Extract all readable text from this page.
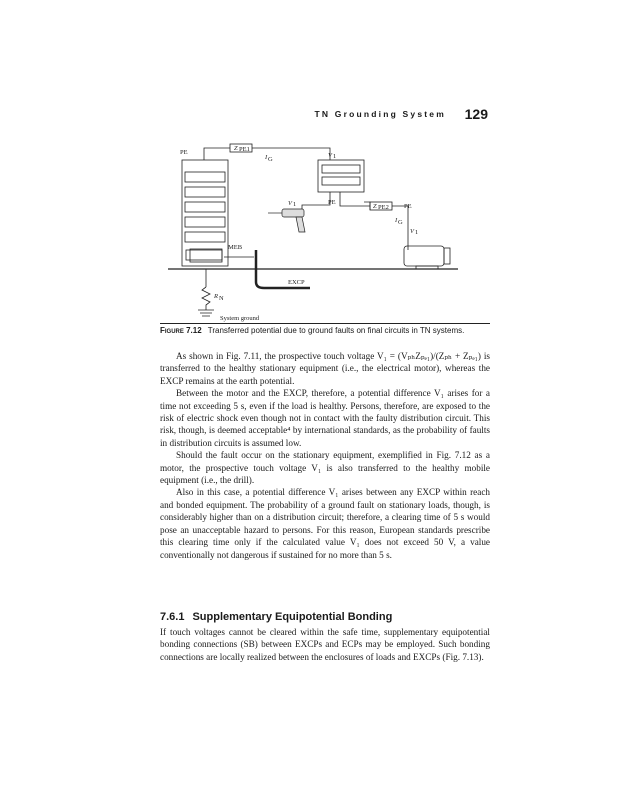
TN Grounding System 129
PE
Z PE1
I G
V 1
V 1	PE
Z PE2 PE
I G
V 1
MEB
EXCP
R N
System ground
Figure 7.12 Transferred potential due to ground faults on final circuits in TN systems.

As shown in Fig. 7.11, the prospective touch voltage V₁ = (VₚₕZₚₑ₁)/(Zₚₕ + Zₚₑ₁) is transferred to the healthy stationary equipment (i.e., the electrical motor), whereas the EXCP remains at the earth potential.

Between the motor and the EXCP, therefore, a potential difference V₁ arises for a time not exceeding 5 s, even if the load is healthy. Persons, therefore, are exposed to the risk of electric shock even though not in contact with the faulty distribution circuit. This risk, though, is deemed acceptable⁴ by international standards, as the probability of faults in distribution circuits is assumed low.

Should the fault occur on the stationary equipment, exemplified in Fig. 7.12 as a motor, the prospective touch voltage V₁ is also transferred to the healthy mobile equipment (i.e., the drill).

Also in this case, a potential difference V₁ arises between any EXCP within reach and bonded equipment. The probability of a ground fault on stationary loads, though, is considerably higher than on a distribution circuit; therefore, a clearing time of 5 s would pose an unacceptable hazard to persons. For this reason, European standards prescribe this clearing time only if the calculated value V₁ does not exceed 50 V, a value conventionally not dangerous if sustained for no more than 5 s.

7.6.1 Supplementary Equipotential Bonding

If touch voltages cannot be cleared within the safe time, supplementary equipotential bonding connections (SB) between EXCPs and ECPs may be employed. Such bonding connections are locally realized between the enclosures of loads and EXCPs (Fig. 7.13).
